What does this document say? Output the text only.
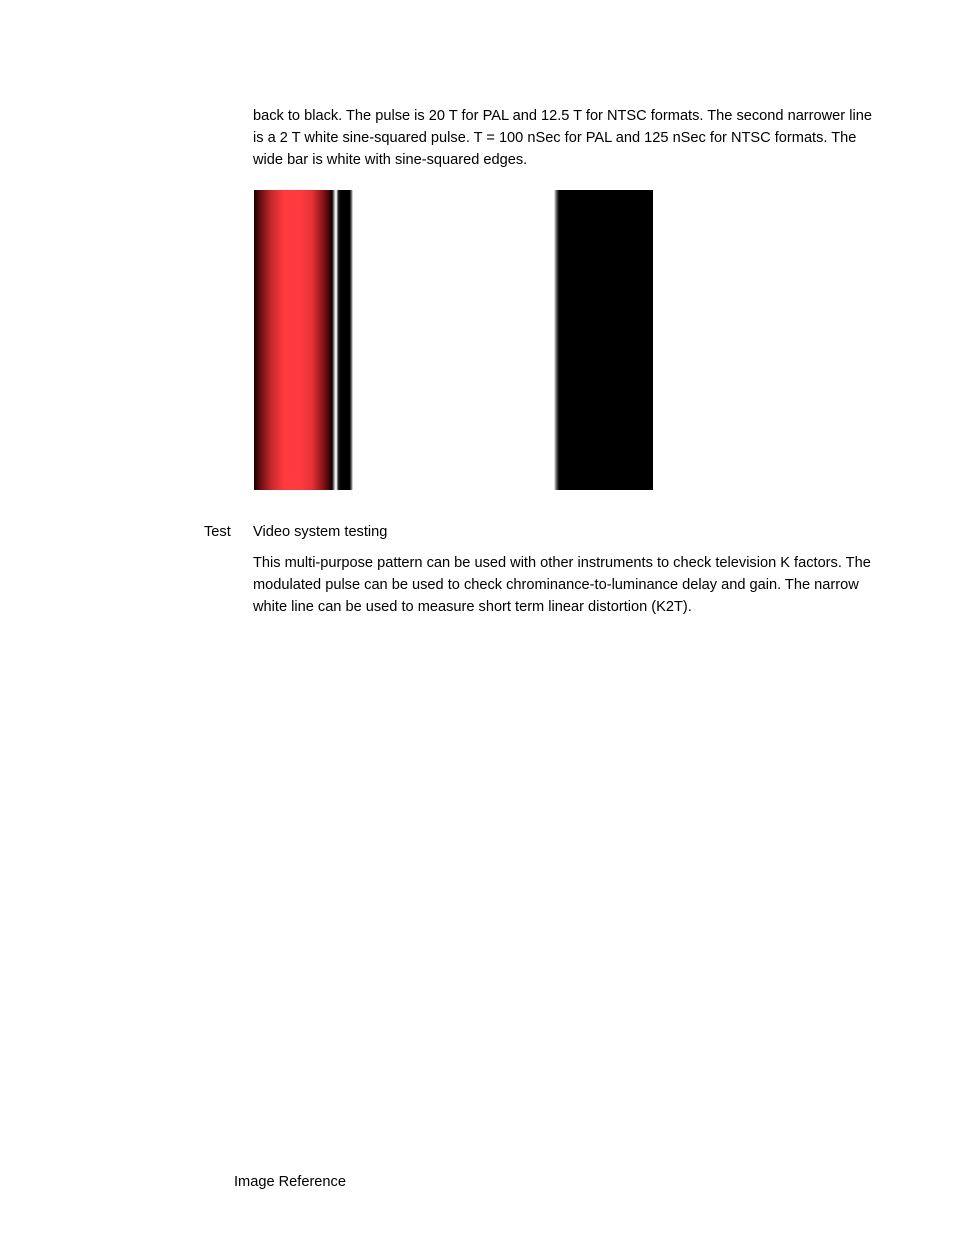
back to black. The pulse is 20 T for PAL and 12.5 T for NTSC formats. The second narrower line is a 2 T white sine-squared pulse. T = 100 nSec for PAL and 125 nSec for NTSC formats. The wide bar is white with sine-squared edges.

Test Video system testing

This multi-purpose pattern can be used with other instruments to check television K factors. The modulated pulse can be used to check chrominance-to-luminance delay and gain. The narrow white line can be used to measure short term linear distortion (K2T).

Image Reference
